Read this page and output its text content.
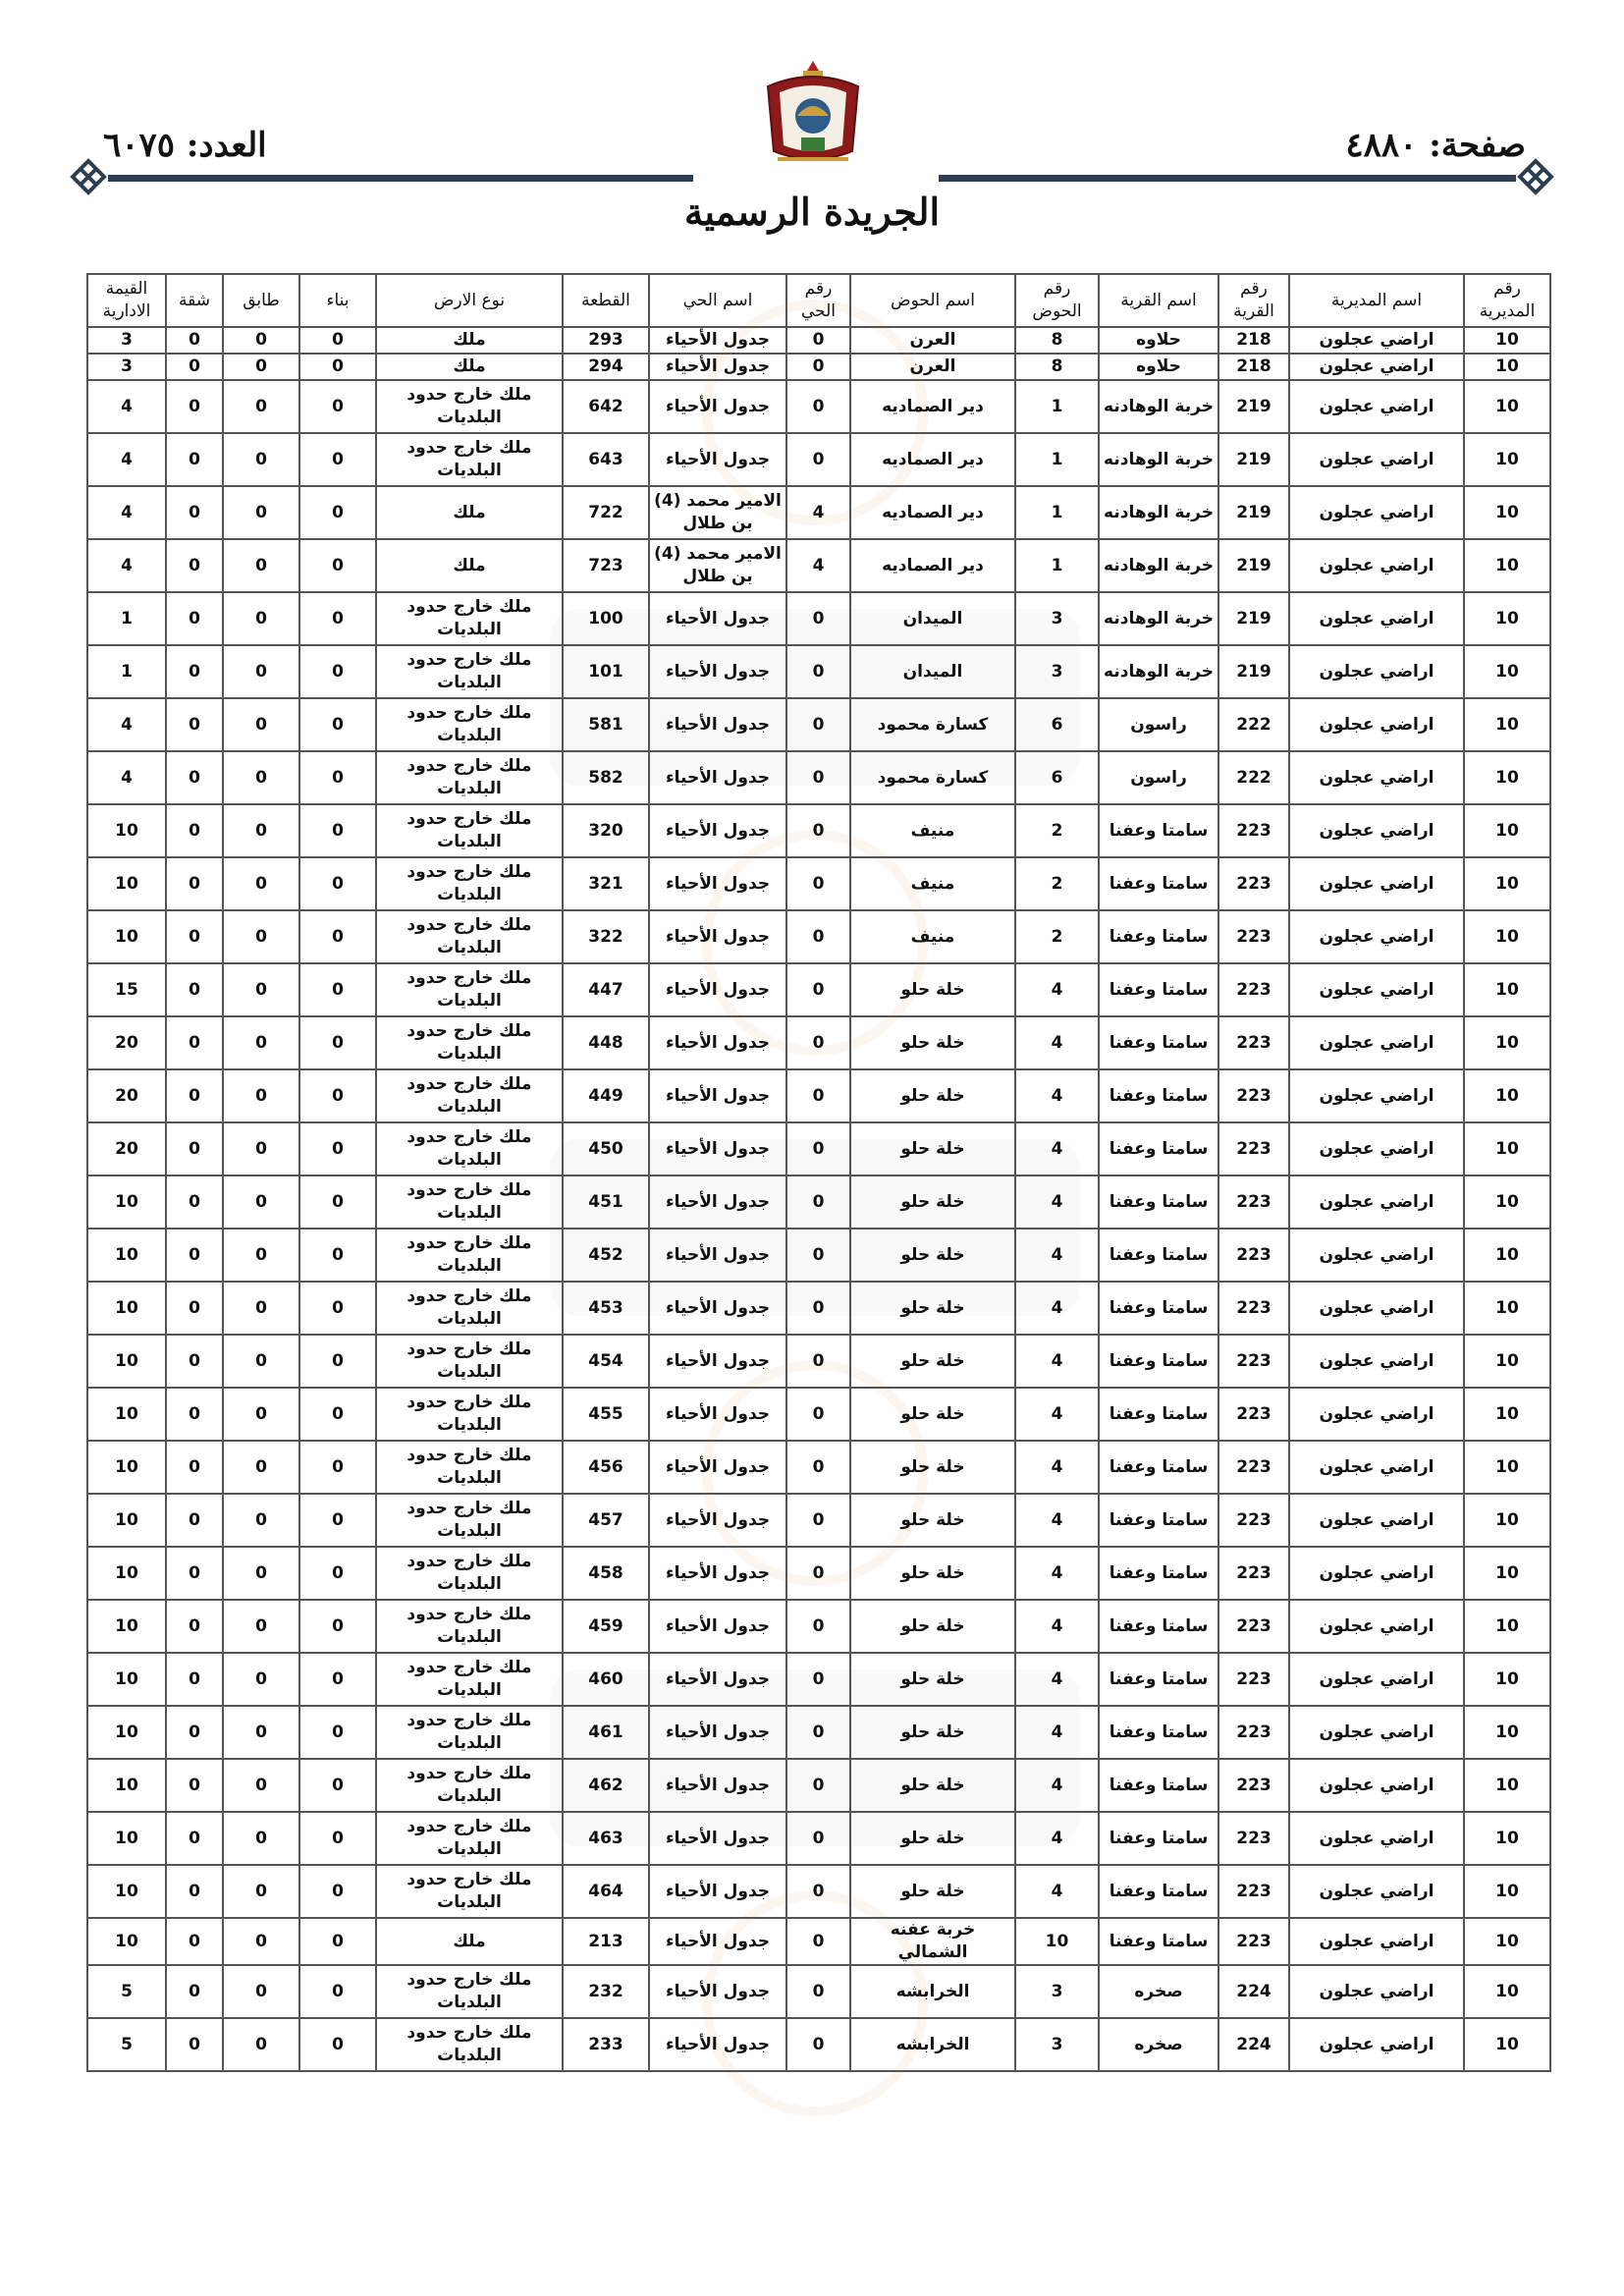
صفحة: ٤٨٨٠
العدد: ٦٠٧٥
الجريدة الرسمية
رقم المديرية	اسم المديرية	رقم القرية	اسم القرية	رقم الحوض	اسم الحوض	رقم الحي	اسم الحي	القطعة	نوع الارض	بناء	طابق	شقة	القيمة الادارية
10	اراضي عجلون	218	حلاوه	8	العرن	0	جدول الأحياء	293	ملك	0	0	0	3
10	اراضي عجلون	218	حلاوه	8	العرن	0	جدول الأحياء	294	ملك	0	0	0	3
10	اراضي عجلون	219	خربة الوهادنه	1	دير الصماديه	0	جدول الأحياء	642	ملك خارج حدود البلديات	0	0	0	4
10	اراضي عجلون	219	خربة الوهادنه	1	دير الصماديه	0	جدول الأحياء	643	ملك خارج حدود البلديات	0	0	0	4
10	اراضي عجلون	219	خربة الوهادنه	1	دير الصماديه	4	الامير محمد (4) بن طلال	722	ملك	0	0	0	4
10	اراضي عجلون	219	خربة الوهادنه	1	دير الصماديه	4	الامير محمد (4) بن طلال	723	ملك	0	0	0	4
10	اراضي عجلون	219	خربة الوهادنه	3	الميدان	0	جدول الأحياء	100	ملك خارج حدود البلديات	0	0	0	1
10	اراضي عجلون	219	خربة الوهادنه	3	الميدان	0	جدول الأحياء	101	ملك خارج حدود البلديات	0	0	0	1
10	اراضي عجلون	222	راسون	6	كسارة محمود	0	جدول الأحياء	581	ملك خارج حدود البلديات	0	0	0	4
10	اراضي عجلون	222	راسون	6	كسارة محمود	0	جدول الأحياء	582	ملك خارج حدود البلديات	0	0	0	4
10	اراضي عجلون	223	سامتا وعفنا	2	منيف	0	جدول الأحياء	320	ملك خارج حدود البلديات	0	0	0	10
10	اراضي عجلون	223	سامتا وعفنا	2	منيف	0	جدول الأحياء	321	ملك خارج حدود البلديات	0	0	0	10
10	اراضي عجلون	223	سامتا وعفنا	2	منيف	0	جدول الأحياء	322	ملك خارج حدود البلديات	0	0	0	10
10	اراضي عجلون	223	سامتا وعفنا	4	خلة حلو	0	جدول الأحياء	447	ملك خارج حدود البلديات	0	0	0	15
10	اراضي عجلون	223	سامتا وعفنا	4	خلة حلو	0	جدول الأحياء	448	ملك خارج حدود البلديات	0	0	0	20
10	اراضي عجلون	223	سامتا وعفنا	4	خلة حلو	0	جدول الأحياء	449	ملك خارج حدود البلديات	0	0	0	20
10	اراضي عجلون	223	سامتا وعفنا	4	خلة حلو	0	جدول الأحياء	450	ملك خارج حدود البلديات	0	0	0	20
10	اراضي عجلون	223	سامتا وعفنا	4	خلة حلو	0	جدول الأحياء	451	ملك خارج حدود البلديات	0	0	0	10
10	اراضي عجلون	223	سامتا وعفنا	4	خلة حلو	0	جدول الأحياء	452	ملك خارج حدود البلديات	0	0	0	10
10	اراضي عجلون	223	سامتا وعفنا	4	خلة حلو	0	جدول الأحياء	453	ملك خارج حدود البلديات	0	0	0	10
10	اراضي عجلون	223	سامتا وعفنا	4	خلة حلو	0	جدول الأحياء	454	ملك خارج حدود البلديات	0	0	0	10
10	اراضي عجلون	223	سامتا وعفنا	4	خلة حلو	0	جدول الأحياء	455	ملك خارج حدود البلديات	0	0	0	10
10	اراضي عجلون	223	سامتا وعفنا	4	خلة حلو	0	جدول الأحياء	456	ملك خارج حدود البلديات	0	0	0	10
10	اراضي عجلون	223	سامتا وعفنا	4	خلة حلو	0	جدول الأحياء	457	ملك خارج حدود البلديات	0	0	0	10
10	اراضي عجلون	223	سامتا وعفنا	4	خلة حلو	0	جدول الأحياء	458	ملك خارج حدود البلديات	0	0	0	10
10	اراضي عجلون	223	سامتا وعفنا	4	خلة حلو	0	جدول الأحياء	459	ملك خارج حدود البلديات	0	0	0	10
10	اراضي عجلون	223	سامتا وعفنا	4	خلة حلو	0	جدول الأحياء	460	ملك خارج حدود البلديات	0	0	0	10
10	اراضي عجلون	223	سامتا وعفنا	4	خلة حلو	0	جدول الأحياء	461	ملك خارج حدود البلديات	0	0	0	10
10	اراضي عجلون	223	سامتا وعفنا	4	خلة حلو	0	جدول الأحياء	462	ملك خارج حدود البلديات	0	0	0	10
10	اراضي عجلون	223	سامتا وعفنا	4	خلة حلو	0	جدول الأحياء	463	ملك خارج حدود البلديات	0	0	0	10
10	اراضي عجلون	223	سامتا وعفنا	4	خلة حلو	0	جدول الأحياء	464	ملك خارج حدود البلديات	0	0	0	10
10	اراضي عجلون	223	سامتا وعفنا	10	خربة عفنه الشمالي	0	جدول الأحياء	213	ملك	0	0	0	10
10	اراضي عجلون	224	صخره	3	الخرابشه	0	جدول الأحياء	232	ملك خارج حدود البلديات	0	0	0	5
10	اراضي عجلون	224	صخره	3	الخرابشه	0	جدول الأحياء	233	ملك خارج حدود البلديات	0	0	0	5
